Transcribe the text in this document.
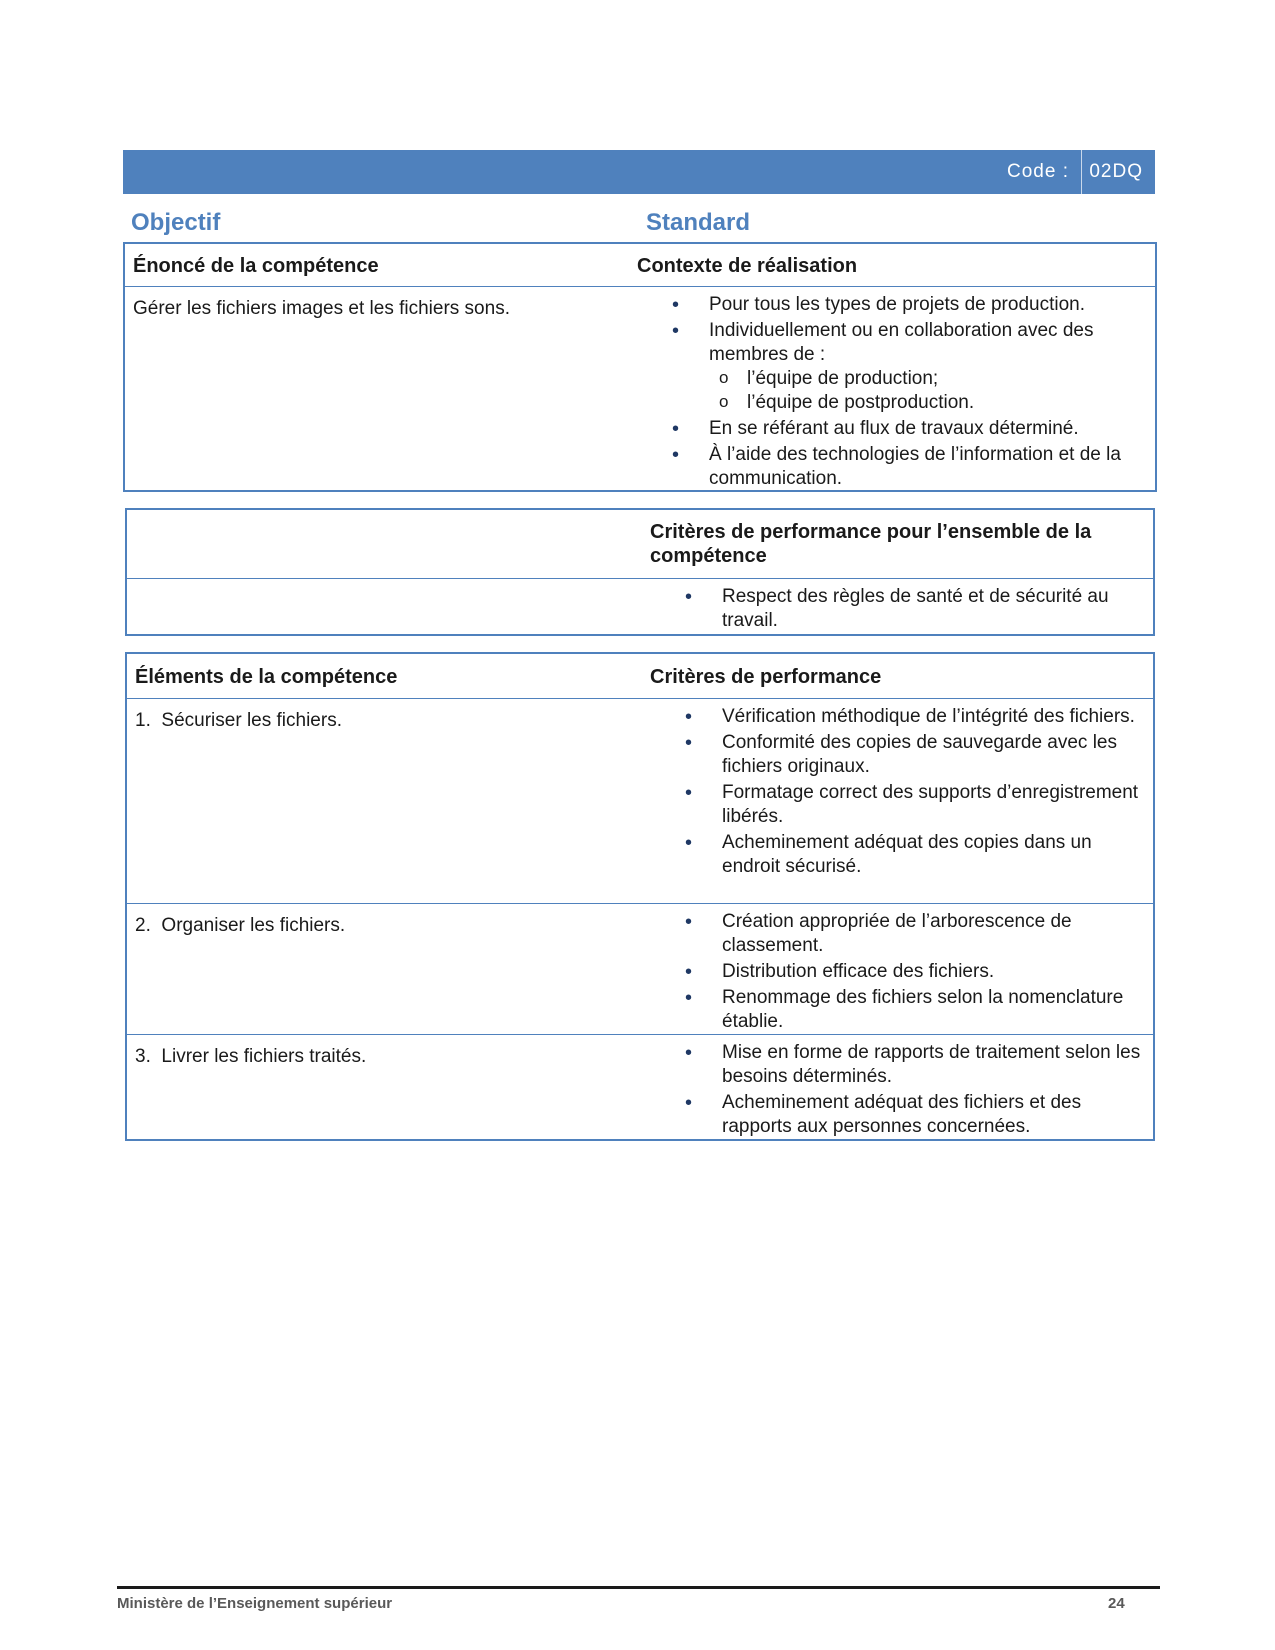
Code : 02DQ
Objectif	Standard
Énoncé de la compétence	Contexte de réalisation
Gérer les fichiers images et les fichiers sons.	• Pour tous les types de projets de production.
• Individuellement ou en collaboration avec des membres de :
o l’équipe de production;
o l’équipe de postproduction.
• En se référant au flux de travaux déterminé.
• À l’aide des technologies de l’information et de la communication.
Critères de performance pour l’ensemble de la compétence
• Respect des règles de santé et de sécurité au travail.
Éléments de la compétence	Critères de performance
1. Sécuriser les fichiers.	• Vérification méthodique de l’intégrité des fichiers.
• Conformité des copies de sauvegarde avec les fichiers originaux.
• Formatage correct des supports d’enregistrement libérés.
• Acheminement adéquat des copies dans un endroit sécurisé.
2. Organiser les fichiers.	• Création appropriée de l’arborescence de classement.
• Distribution efficace des fichiers.
• Renommage des fichiers selon la nomenclature établie.
3. Livrer les fichiers traités.	• Mise en forme de rapports de traitement selon les besoins déterminés.
• Acheminement adéquat des fichiers et des rapports aux personnes concernées.
Ministère de l’Enseignement supérieur	24
